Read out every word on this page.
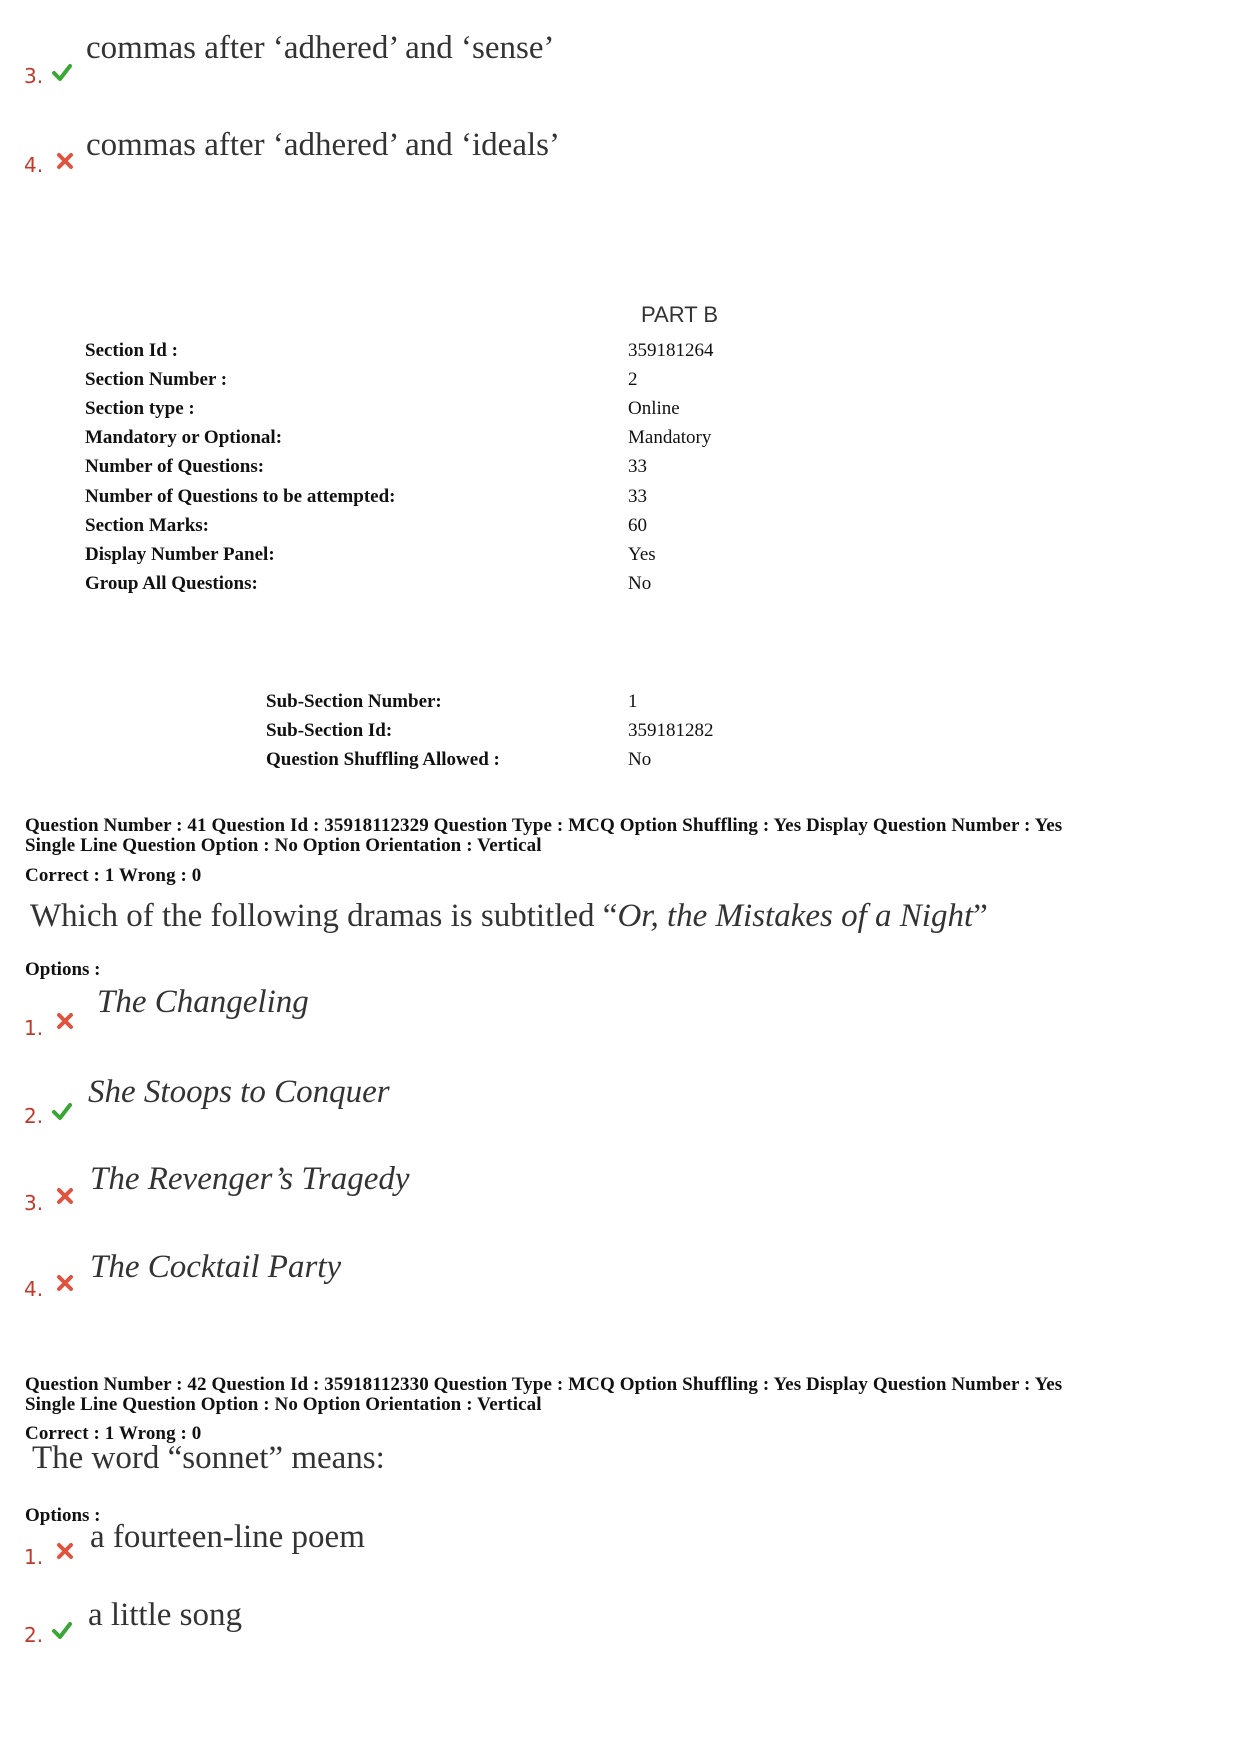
3.
commas after ‘adhered’ and ‘sense’
4.
commas after ‘adhered’ and ‘ideals’
PART B
Section Id :	359181264
Section Number :	2
Section type :	Online
Mandatory or Optional:	Mandatory
Number of Questions:	33
Number of Questions to be attempted:	33
Section Marks:	60
Display Number Panel:	Yes
Group All Questions:	No
Sub-Section Number:	1
Sub-Section Id:	359181282
Question Shuffling Allowed :	No
Question Number : 41 Question Id : 35918112329 Question Type : MCQ Option Shuffling : Yes Display Question Number : Yes
Single Line Question Option : No Option Orientation : Vertical
Correct : 1 Wrong : 0
Which of the following dramas is subtitled “Or, the Mistakes of a Night”
Options :
1.
The Changeling
2.
She Stoops to Conquer
3.
The Revenger’s Tragedy
4.
The Cocktail Party
Question Number : 42 Question Id : 35918112330 Question Type : MCQ Option Shuffling : Yes Display Question Number : Yes
Single Line Question Option : No Option Orientation : Vertical
Correct : 1 Wrong : 0
The word “sonnet” means:
Options :
1.
a fourteen-line poem
2.
a little song
